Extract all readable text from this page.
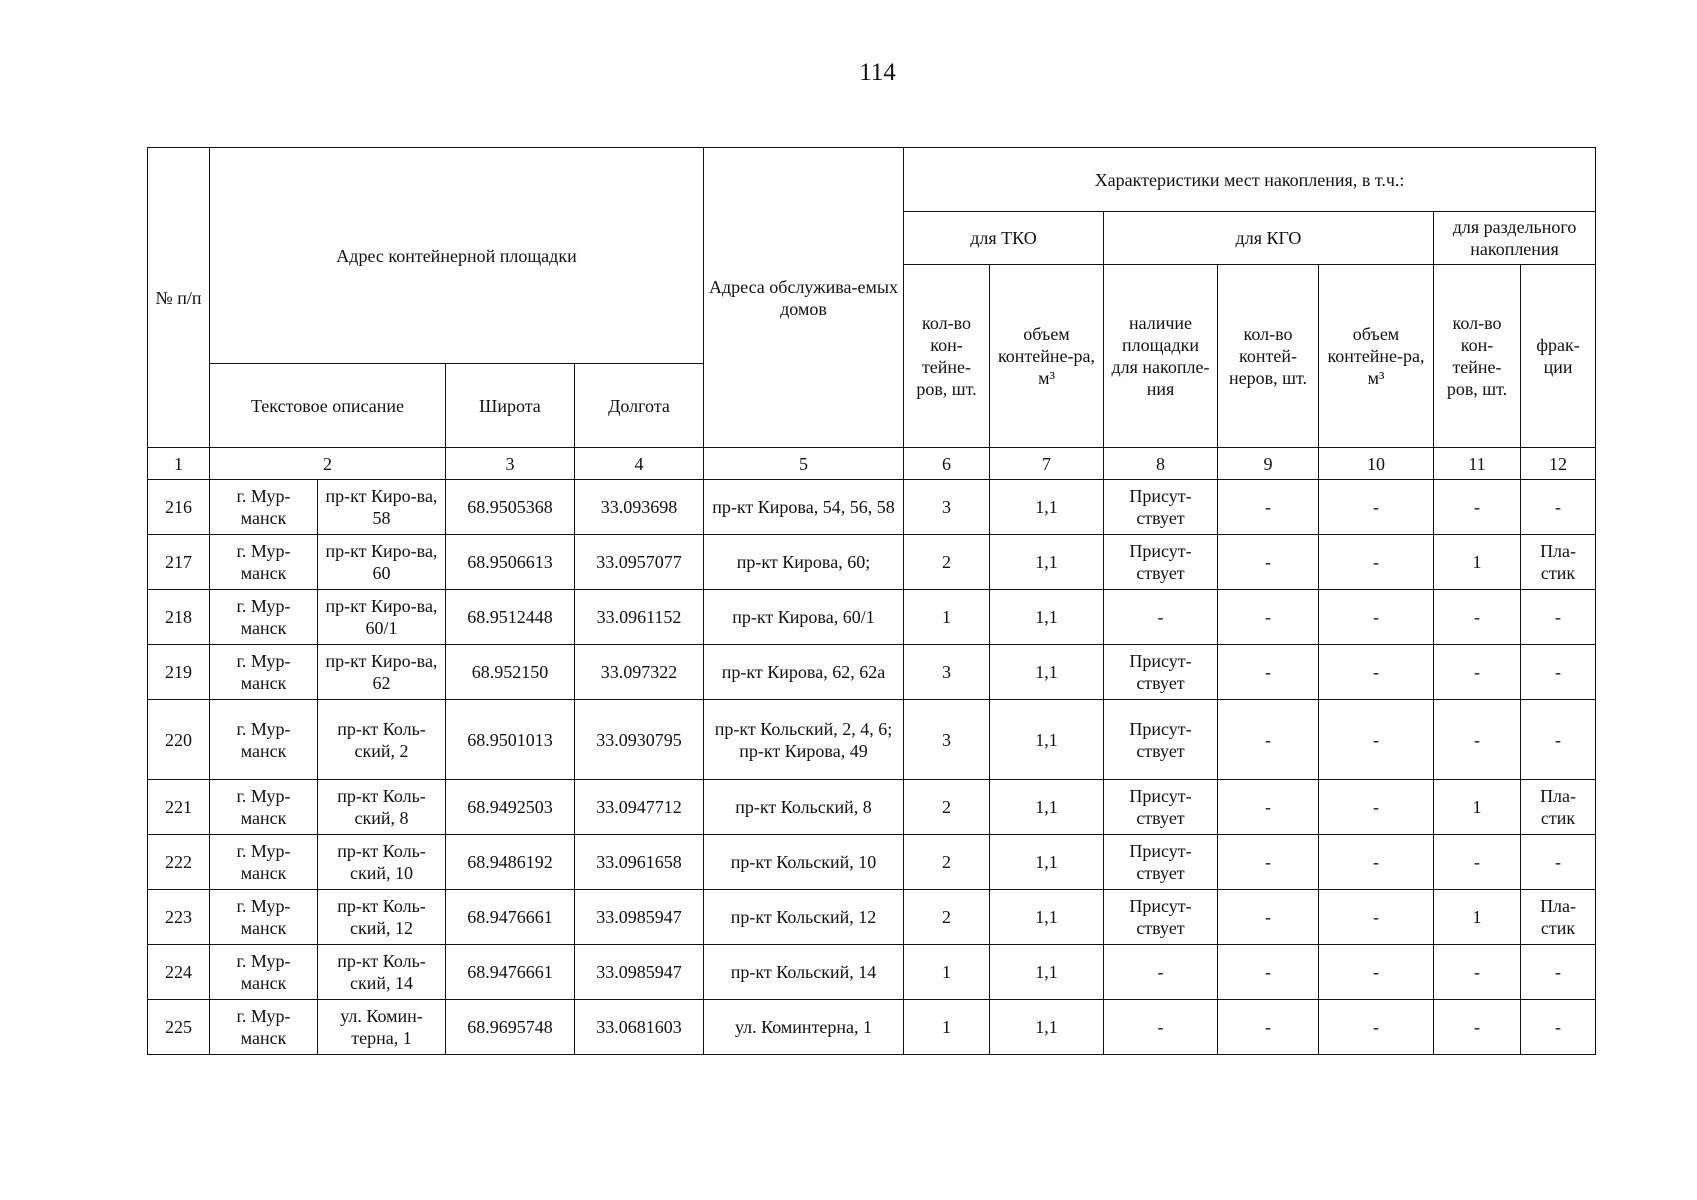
114
№ п/п	Адрес контейнерной площадки				Адреса обслужива-емых домов	Характеристики мест накопления, в т.ч.:						
						для ТКО		для КГО			для раздельного накопления	
						кол-во кон-тейне-ров, шт.	объем контейне-ра, м³	наличие площадки для накопле-ния	кол-во контей-неров, шт.	объем контейне-ра, м³	кол-во кон-тейне-ров, шт.	фрак-ции
	Текстовое описание		Широта	Долгота								
1	2		3	4	5	6	7	8	9	10	11	12
216	г. Мур-манск	пр-кт Киро-ва, 58	68.9505368	33.093698	пр-кт Кирова, 54, 56, 58	3	1,1	Присут-ствует	-	-	-	-
217	г. Мур-манск	пр-кт Киро-ва, 60	68.9506613	33.0957077	пр-кт Кирова, 60;	2	1,1	Присут-ствует	-	-	1	Пла-стик
218	г. Мур-манск	пр-кт Киро-ва, 60/1	68.9512448	33.0961152	пр-кт Кирова, 60/1	1	1,1	-	-	-	-	-
219	г. Мур-манск	пр-кт Киро-ва, 62	68.952150	33.097322	пр-кт Кирова, 62, 62а	3	1,1	Присут-ствует	-	-	-	-
220	г. Мур-манск	пр-кт Коль-ский, 2	68.9501013	33.0930795	пр-кт Кольский, 2, 4, 6; пр-кт Кирова, 49	3	1,1	Присут-ствует	-	-	-	-
221	г. Мур-манск	пр-кт Коль-ский, 8	68.9492503	33.0947712	пр-кт Кольский, 8	2	1,1	Присут-ствует	-	-	1	Пла-стик
222	г. Мур-манск	пр-кт Коль-ский, 10	68.9486192	33.0961658	пр-кт Кольский, 10	2	1,1	Присут-ствует	-	-	-	-
223	г. Мур-манск	пр-кт Коль-ский, 12	68.9476661	33.0985947	пр-кт Кольский, 12	2	1,1	Присут-ствует	-	-	1	Пла-стик
224	г. Мур-манск	пр-кт Коль-ский, 14	68.9476661	33.0985947	пр-кт Кольский, 14	1	1,1	-	-	-	-	-
225	г. Мур-манск	ул. Комин-терна, 1	68.9695748	33.0681603	ул. Коминтерна, 1	1	1,1	-	-	-	-	-
